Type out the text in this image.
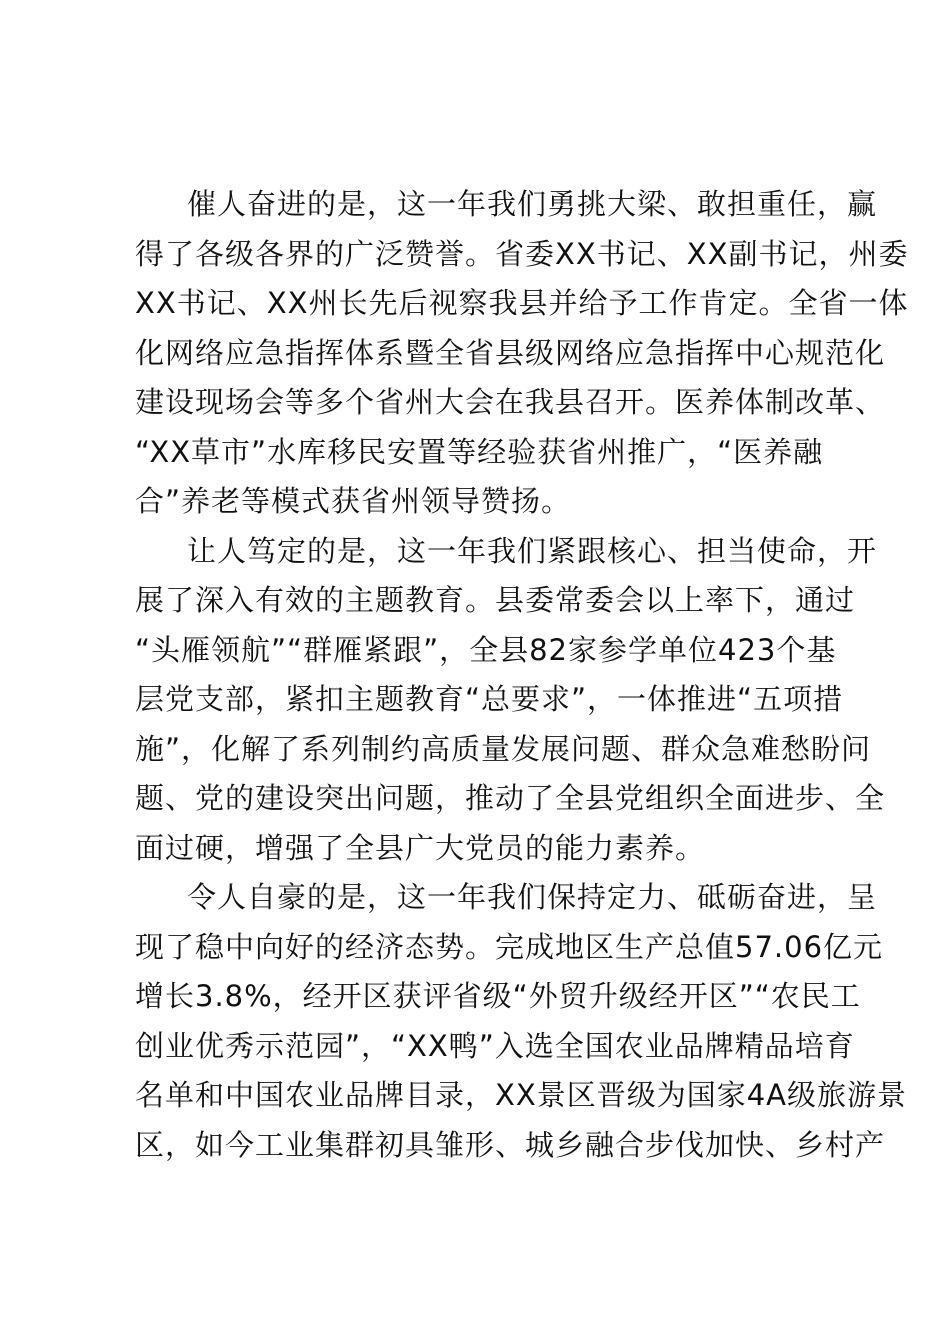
催人奋进的是，这一年我们勇挑大梁、敢担重任，赢
得了各级各界的广泛赞誉。省委XX书记、XX副书记，州委
XX书记、XX州长先后视察我县并给予工作肯定。全省一体
化网络应急指挥体系暨全省县级网络应急指挥中心规范化
建设现场会等多个省州大会在我县召开。医养体制改革、
“XX草市”水库移民安置等经验获省州推广，“医养融
合”养老等模式获省州领导赞扬。
让人笃定的是，这一年我们紧跟核心、担当使命，开
展了深入有效的主题教育。县委常委会以上率下，通过
“头雁领航”“群雁紧跟”，全县82家参学单位423个基
层党支部，紧扣主题教育“总要求”，一体推进“五项措
施”，化解了系列制约高质量发展问题、群众急难愁盼问
题、党的建设突出问题，推动了全县党组织全面进步、全
面过硬，增强了全县广大党员的能力素养。
令人自豪的是，这一年我们保持定力、砥砺奋进，呈
现了稳中向好的经济态势。完成地区生产总值57.06亿元
增长3.8%，经开区获评省级“外贸升级经开区”“农民工
创业优秀示范园”，“XX鸭”入选全国农业品牌精品培育
名单和中国农业品牌目录，XX景区晋级为国家4A级旅游景
区，如今工业集群初具雏形、城乡融合步伐加快、乡村产
